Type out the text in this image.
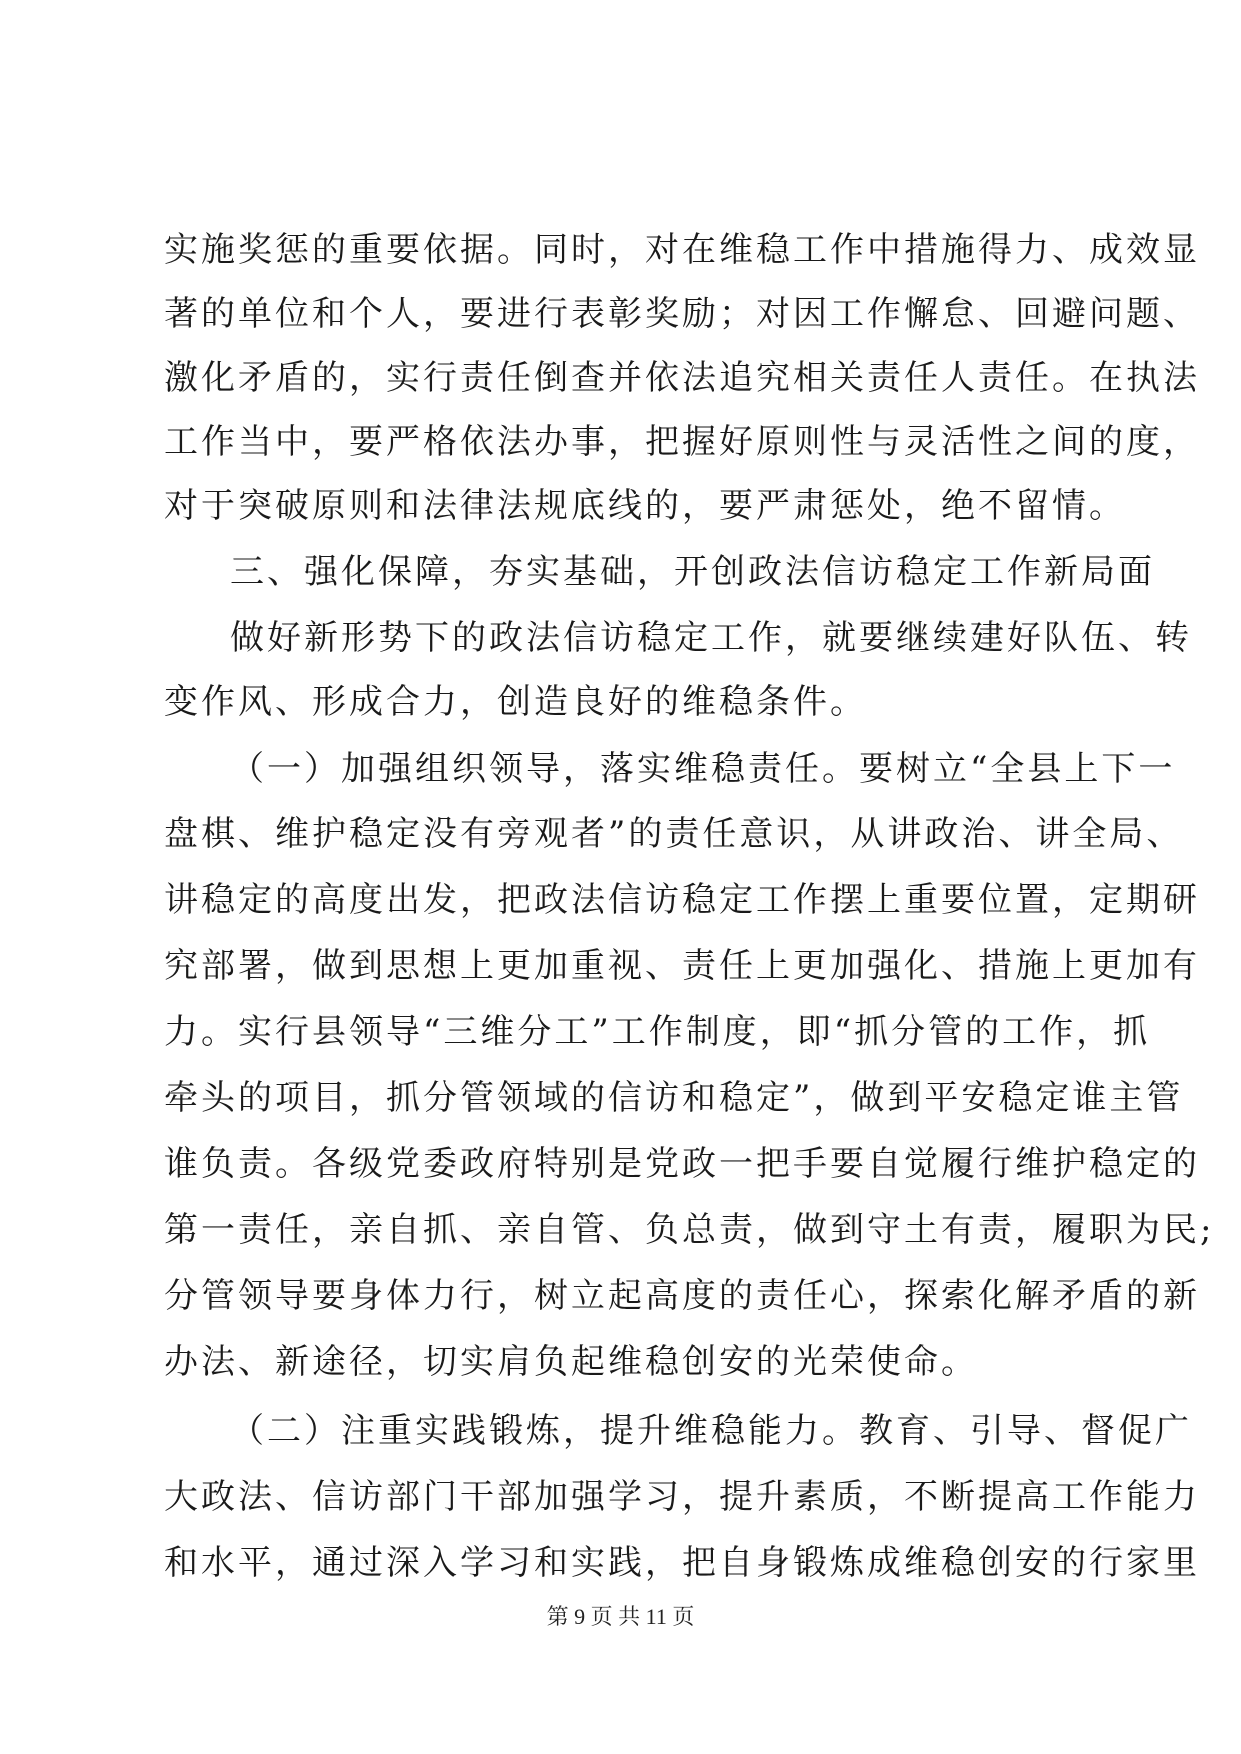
实施奖惩的重要依据。同时，对在维稳工作中措施得力、成效显
著的单位和个人，要进行表彰奖励；对因工作懈怠、回避问题、
激化矛盾的，实行责任倒查并依法追究相关责任人责任。在执法
工作当中，要严格依法办事，把握好原则性与灵活性之间的度，
对于突破原则和法律法规底线的，要严肃惩处，绝不留情。
三、强化保障，夯实基础，开创政法信访稳定工作新局面
做好新形势下的政法信访稳定工作，就要继续建好队伍、转
变作风、形成合力，创造良好的维稳条件。
（一）加强组织领导，落实维稳责任。要树立“全县上下一
盘棋、维护稳定没有旁观者”的责任意识，从讲政治、讲全局、
讲稳定的高度出发，把政法信访稳定工作摆上重要位置，定期研
究部署，做到思想上更加重视、责任上更加强化、措施上更加有
力。实行县领导“三维分工”工作制度，即“抓分管的工作，抓
牵头的项目，抓分管领域的信访和稳定”，做到平安稳定谁主管
谁负责。各级党委政府特别是党政一把手要自觉履行维护稳定的
第一责任，亲自抓、亲自管、负总责，做到守土有责，履职为民;
分管领导要身体力行，树立起高度的责任心，探索化解矛盾的新
办法、新途径，切实肩负起维稳创安的光荣使命。
（二）注重实践锻炼，提升维稳能力。教育、引导、督促广
大政法、信访部门干部加强学习，提升素质，不断提高工作能力
和水平，通过深入学习和实践，把自身锻炼成维稳创安的行家里
第 9 页 共 11 页
